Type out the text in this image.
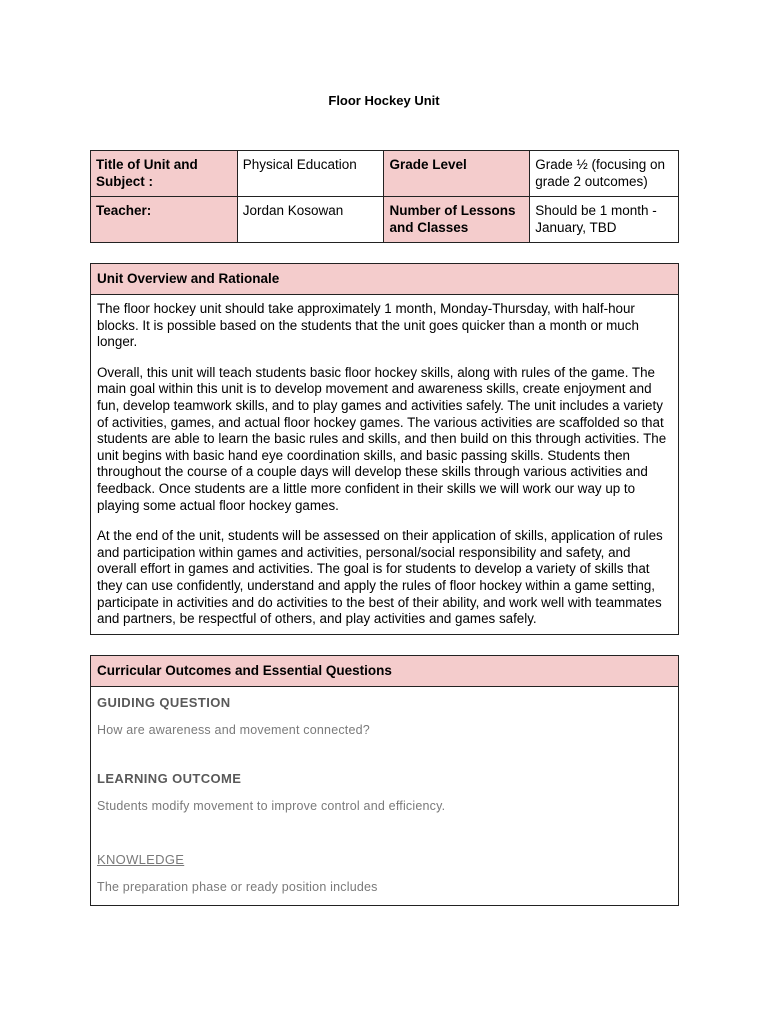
Floor Hockey Unit
Title of Unit and Subject :	Physical Education	Grade Level	Grade ½ (focusing on grade 2 outcomes)
Teacher:	Jordan Kosowan	Number of Lessons and Classes	Should be 1 month - January, TBD
Unit Overview and Rationale

The floor hockey unit should take approximately 1 month, Monday-Thursday, with half-hour blocks. It is possible based on the students that the unit goes quicker than a month or much longer.

Overall, this unit will teach students basic floor hockey skills, along with rules of the game. The main goal within this unit is to develop movement and awareness skills, create enjoyment and fun, develop teamwork skills, and to play games and activities safely. The unit includes a variety of activities, games, and actual floor hockey games. The various activities are scaffolded so that students are able to learn the basic rules and skills, and then build on this through activities. The unit begins with basic hand eye coordination skills, and basic passing skills. Students then throughout the course of a couple days will develop these skills through various activities and feedback. Once students are a little more confident in their skills we will work our way up to playing some actual floor hockey games.

At the end of the unit, students will be assessed on their application of skills, application of rules and participation within games and activities, personal/social responsibility and safety, and overall effort in games and activities. The goal is for students to develop a variety of skills that they can use confidently, understand and apply the rules of floor hockey within a game setting, participate in activities and do activities to the best of their ability, and work well with teammates and partners, be respectful of others, and play activities and games safely.

Curricular Outcomes and Essential Questions
GUIDING QUESTION
How are awareness and movement connected?
LEARNING OUTCOME
Students modify movement to improve control and efficiency.
KNOWLEDGE
The preparation phase or ready position includes
